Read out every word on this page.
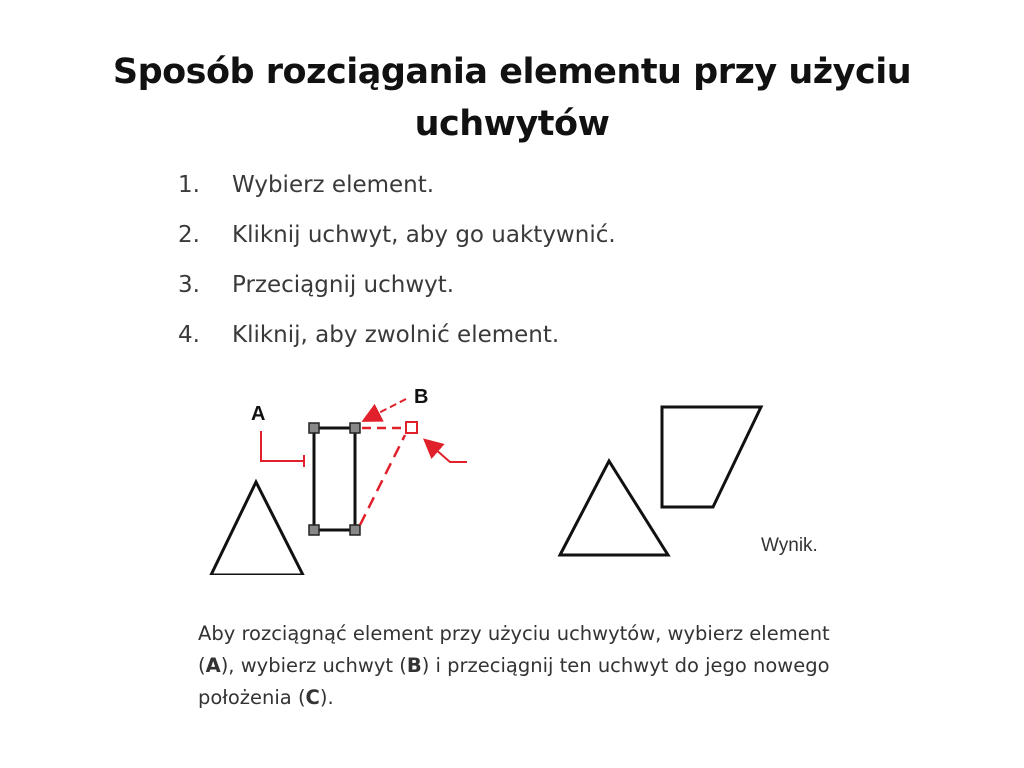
Sposób rozciągania elementu przy użyciu uchwytów
1.	Wybierz element.
2.	Kliknij uchwyt, aby go uaktywnić.
3.	Przeciągnij uchwyt.
4.	Kliknij, aby zwolnić element.
A
B
Wynik.
Aby rozciągnąć element przy użyciu uchwytów, wybierz element (A), wybierz uchwyt (B) i przeciągnij ten uchwyt do jego nowego położenia (C).
